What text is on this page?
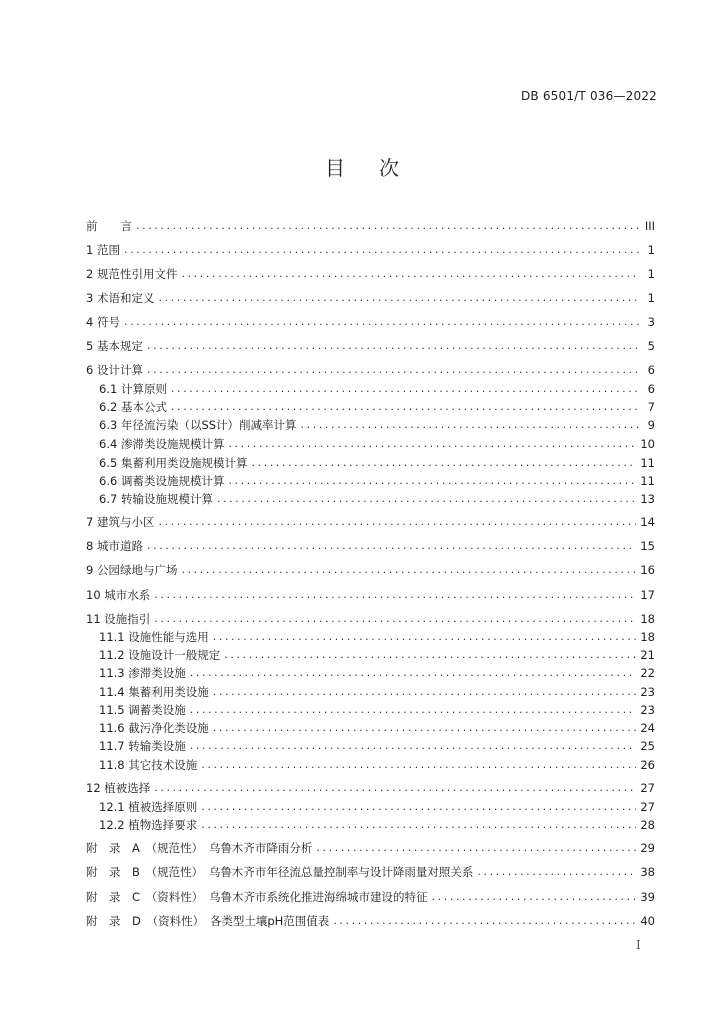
DB 6501/T 036—2022
目次
前　　言 .....	III
1 范围 .....	1
2 规范性引用文件 .....	1
3 术语和定义 .....	1
4 符号 .....	3
5 基本规定 .....	5
6 设计计算 .....	6
6.1 计算原则 .....	6
6.2 基本公式 .....	7
6.3 年径流污染（以SS计）削减率计算 .....	9
6.4 渗滞类设施规模计算 .....	10
6.5 集蓄利用类设施规模计算 .....	11
6.6 调蓄类设施规模计算 .....	11
6.7 转输设施规模计算 .....	13
7 建筑与小区 .....	14
8 城市道路 .....	15
9 公园绿地与广场 .....	16
10 城市水系 .....	17
11 设施指引 .....	18
11.1 设施性能与选用 .....	18
11.2 设施设计一般规定 .....	21
11.3 渗滞类设施 .....	22
11.4 集蓄利用类设施 .....	23
11.5 调蓄类设施 .....	23
11.6 截污净化类设施 .....	24
11.7 转输类设施 .....	25
11.8 其它技术设施 .....	26
12 植被选择 .....	27
12.1 植被选择原则 .....	27
12.2 植物选择要求 .....	28
附　录　A　（规范性）　乌鲁木齐市降雨分析 .....	29
附　录　B　（规范性）　乌鲁木齐市年径流总量控制率与设计降雨量对照关系 .....	38
附　录　C　（资料性）　乌鲁木齐市系统化推进海绵城市建设的特征 .....	39
附　录　D　（资料性）　各类型土壤pH范围值表 .....	40
I
